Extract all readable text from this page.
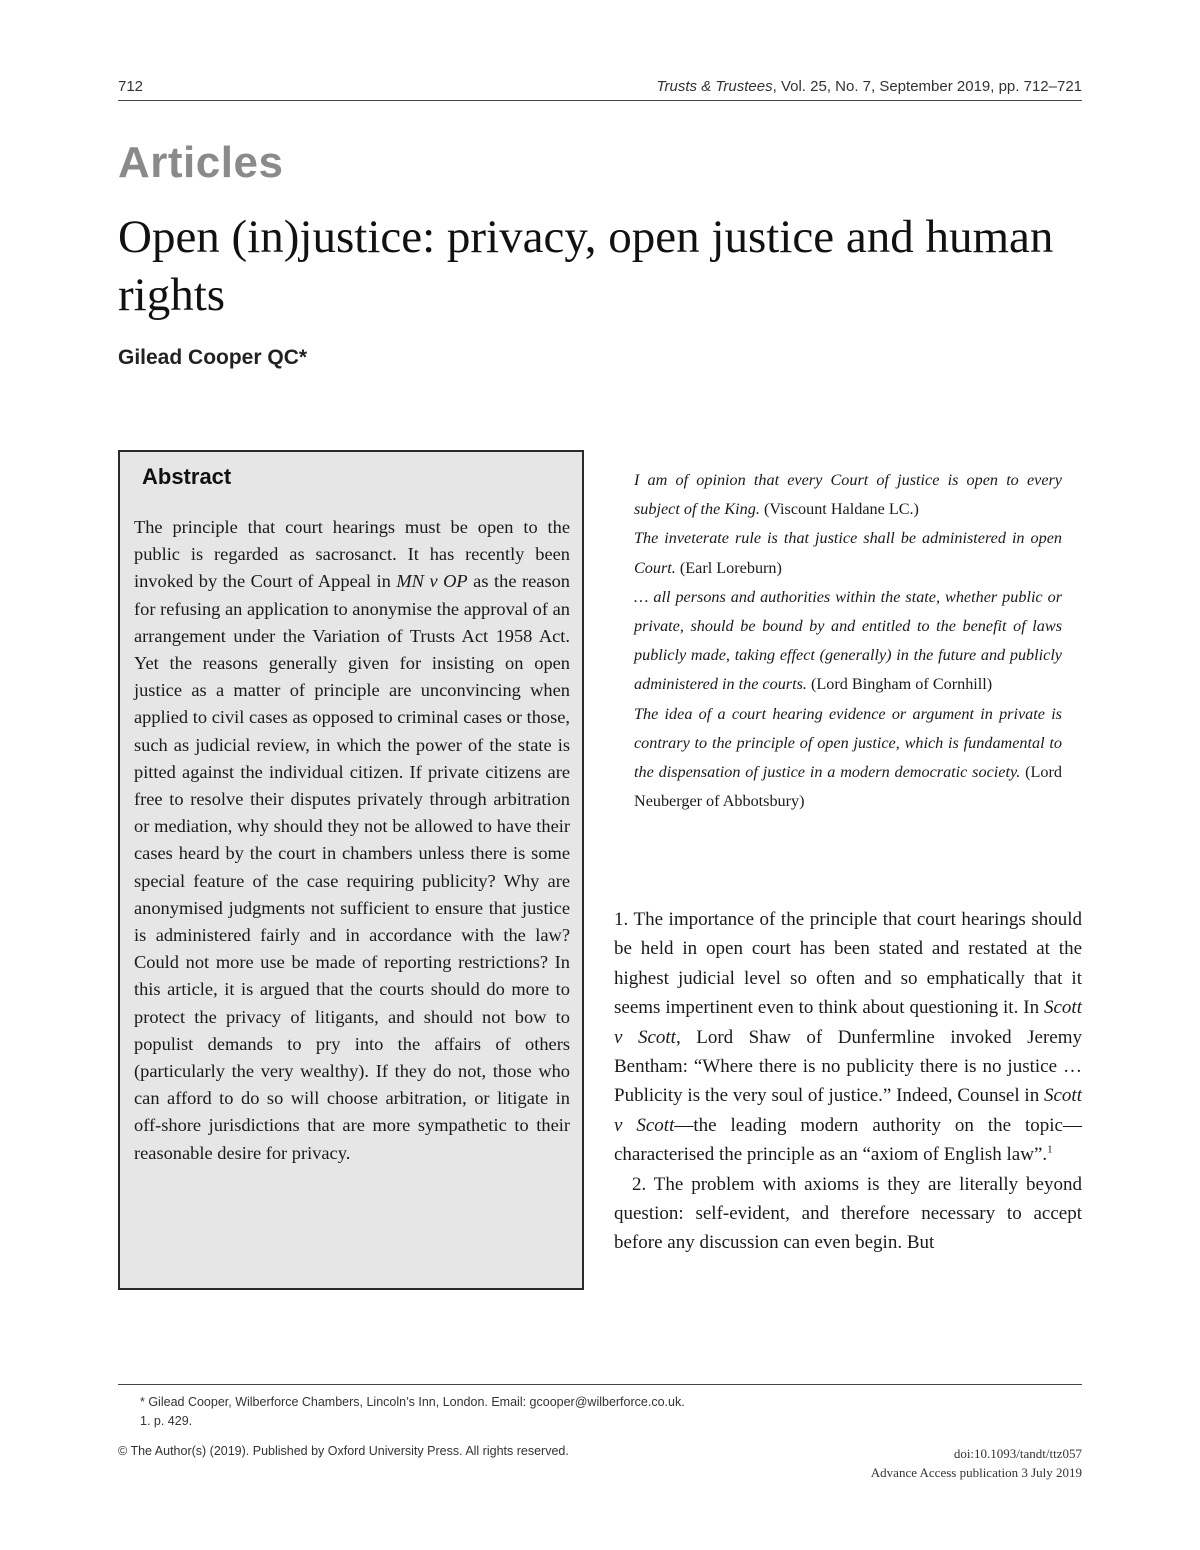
712	Trusts & Trustees, Vol. 25, No. 7, September 2019, pp. 712–721
Articles
Open (in)justice: privacy, open justice and human rights
Gilead Cooper QC*
Abstract

The principle that court hearings must be open to the public is regarded as sacrosanct. It has recently been invoked by the Court of Appeal in MN v OP as the reason for refusing an application to anonymise the approval of an arrangement under the Variation of Trusts Act 1958 Act. Yet the reasons generally given for insisting on open justice as a matter of principle are unconvincing when applied to civil cases as opposed to criminal cases or those, such as judicial review, in which the power of the state is pitted against the individual citizen. If private citizens are free to resolve their disputes privately through arbitration or mediation, why should they not be allowed to have their cases heard by the court in chambers unless there is some special feature of the case requiring publicity? Why are anonymised judgments not sufficient to ensure that justice is administered fairly and in accordance with the law? Could not more use be made of reporting restrictions? In this article, it is argued that the courts should do more to protect the privacy of litigants, and should not bow to populist demands to pry into the affairs of others (particularly the very wealthy). If they do not, those who can afford to do so will choose arbitration, or litigate in off-shore jurisdictions that are more sympathetic to their reasonable desire for privacy.

I am of opinion that every Court of justice is open to every subject of the King. (Viscount Haldane LC.)

The inveterate rule is that justice shall be administered in open Court. (Earl Loreburn)

… all persons and authorities within the state, whether public or private, should be bound by and entitled to the benefit of laws publicly made, taking effect (generally) in the future and publicly administered in the courts. (Lord Bingham of Cornhill)

The idea of a court hearing evidence or argument in private is contrary to the principle of open justice, which is fundamental to the dispensation of justice in a modern democratic society. (Lord Neuberger of Abbotsbury)

1. The importance of the principle that court hearings should be held in open court has been stated and restated at the highest judicial level so often and so emphatically that it seems impertinent even to think about questioning it. In Scott v Scott, Lord Shaw of Dunfermline invoked Jeremy Bentham: “Where there is no publicity there is no justice … Publicity is the very soul of justice.” Indeed, Counsel in Scott v Scott—the leading modern authority on the topic—characterised the principle as an “axiom of English law”.$^1$

2. The problem with axioms is they are literally beyond question: self-evident, and therefore necessary to accept before any discussion can even begin. But

* Gilead Cooper, Wilberforce Chambers, Lincoln’s Inn, London. Email: gcooper@wilberforce.co.uk.

1. p. 429.

© The Author(s) (2019). Published by Oxford University Press. All rights reserved.	doi:10.1093/tandt/ttz057
Advance Access publication 3 July 2019
